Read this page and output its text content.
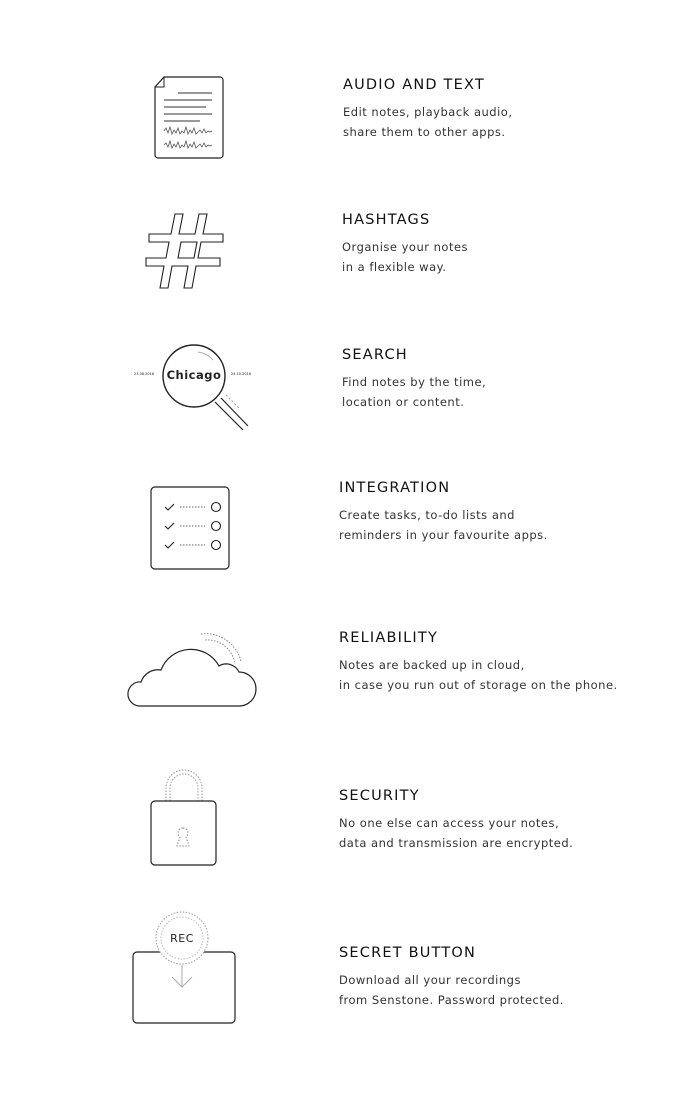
AUDIO AND TEXT
Edit notes, playback audio,
share them to other apps.
HASHTAGS
Organise your notes
in a flexible way.
Chicago
23.08.2016	24.10.2016
SEARCH
Find notes by the time,
location or content.
INTEGRATION
Create tasks, to-do lists and
reminders in your favourite apps.
RELIABILITY
Notes are backed up in cloud,
in case you run out of storage on the phone.
SECURITY
No one else can access your notes,
data and transmission are encrypted.
REC
SECRET BUTTON
Download all your recordings
from Senstone. Password protected.
